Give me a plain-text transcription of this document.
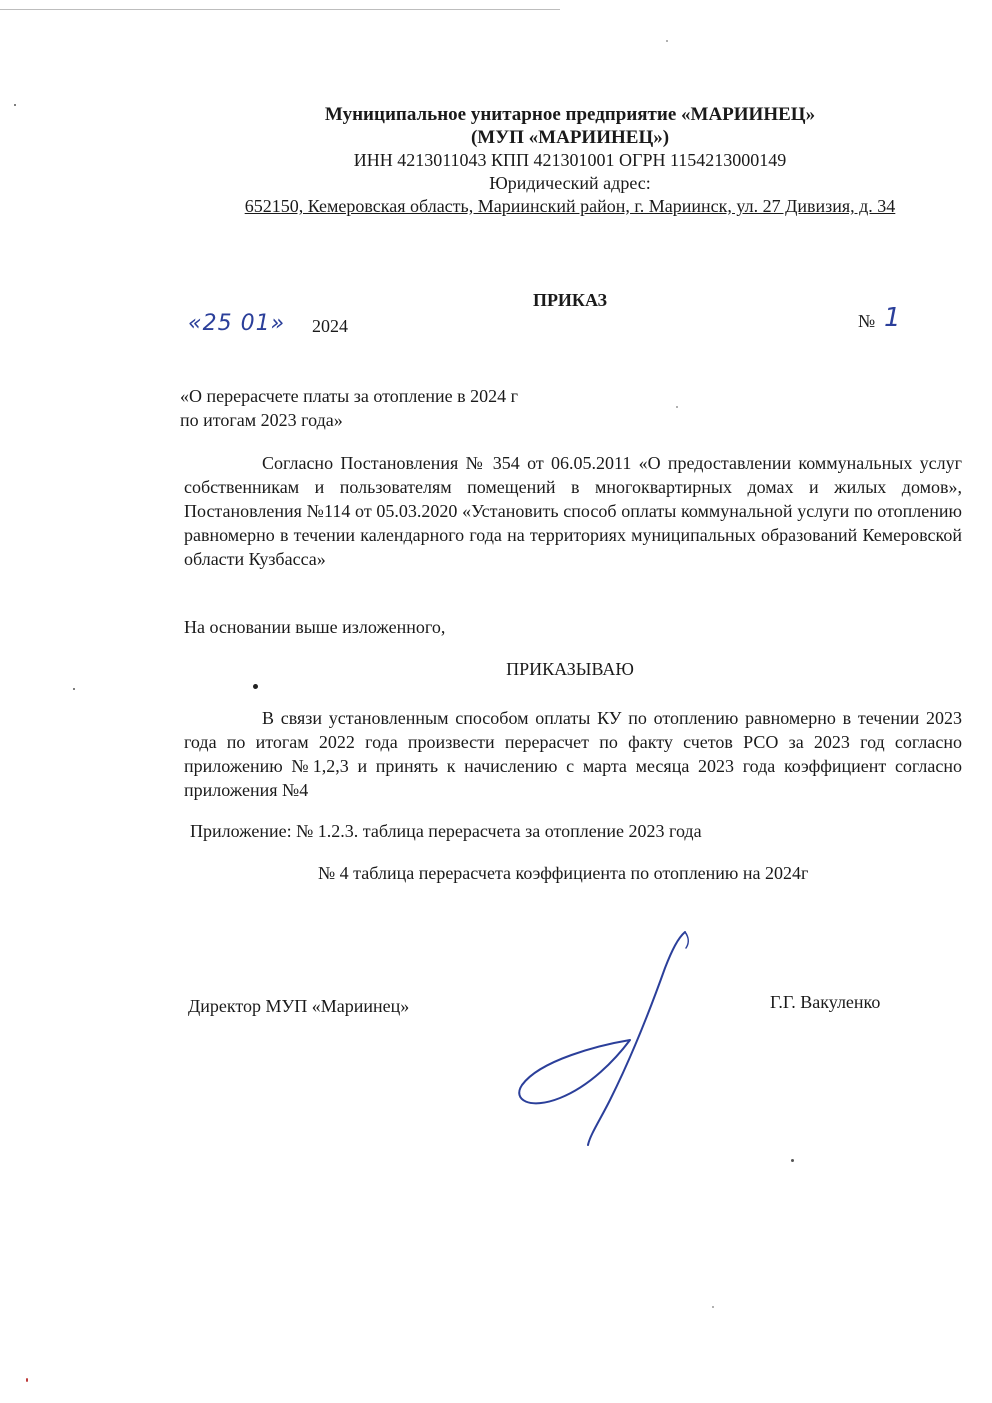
Муниципальное унитарное предприятие «МАРИИНЕЦ»
(МУП «МАРИИНЕЦ»)
ИНН 4213011043 КПП 421301001 ОГРН 1154213000149
Юридический адрес:
652150, Кемеровская область, Мариинский район, г. Мариинск, ул. 27 Дивизия, д. 34
ПРИКАЗ
«25 01» 2024	№ 1
«О перерасчете платы за отопление в 2024 г
по итогам 2023 года»
Согласно Постановления № 354 от 06.05.2011 «О предоставлении коммунальных услуг собственникам и пользователям помещений в многоквартирных домах и жилых домов», Постановления №114 от 05.03.2020 «Установить способ оплаты коммунальной услуги по отоплению равномерно в течении календарного года на территориях муниципальных образований Кемеровской области Кузбасса»
На основании выше изложенного,
ПРИКАЗЫВАЮ
В связи установленным способом оплаты КУ по отоплению равномерно в течении 2023 года по итогам 2022 года произвести перерасчет по факту счетов РСО за 2023 год согласно приложению №1,2,3 и принять к начислению с марта месяца 2023 года коэффициент согласно приложения №4
Приложение: № 1.2.3. таблица перерасчета за отопление 2023 года
№ 4 таблица перерасчета коэффициента по отоплению на 2024г
Директор МУП «Мариинец»	Г.Г. Вакуленко
